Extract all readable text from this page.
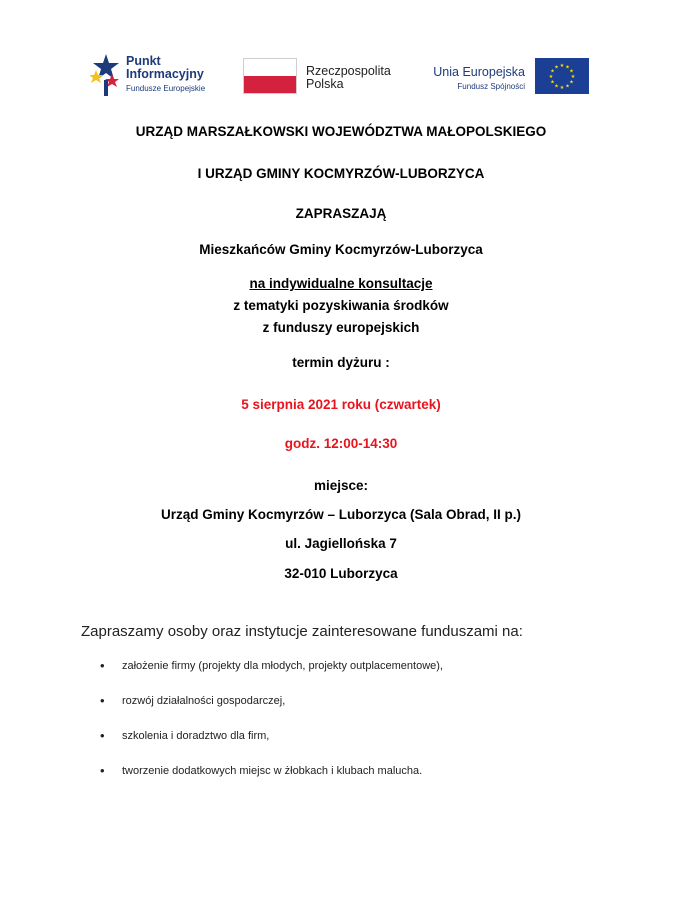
Punkt
Informacyjny
Fundusze Europejskie
Rzeczpospolita
Polska
Unia Europejska
Fundusz Spójności
★ ★
★
★
★
★
★
★
★
★
★
★
URZĄD MARSZAŁKOWSKI WOJEWÓDZTWA MAŁOPOLSKIEGO
I URZĄD GMINY KOCMYRZÓW-LUBORZYCA
ZAPRASZAJĄ
Mieszkańców Gminy Kocmyrzów-Luborzyca
na indywidualne konsultacje
z tematyki pozyskiwania środków
z funduszy europejskich
termin dyżuru :
5 sierpnia 2021 roku (czwartek)
godz. 12:00-14:30
miejsce:
Urząd Gminy Kocmyrzów – Luborzyca (Sala Obrad, II p.)
ul. Jagiellońska 7
32-010 Luborzyca
Zapraszamy osoby oraz instytucje zainteresowane funduszami na:
• założenie firmy (projekty dla młodych, projekty outplacementowe),
• rozwój działalności gospodarczej,
• szkolenia i doradztwo dla firm,
• tworzenie dodatkowych miejsc w żłobkach i klubach malucha.
